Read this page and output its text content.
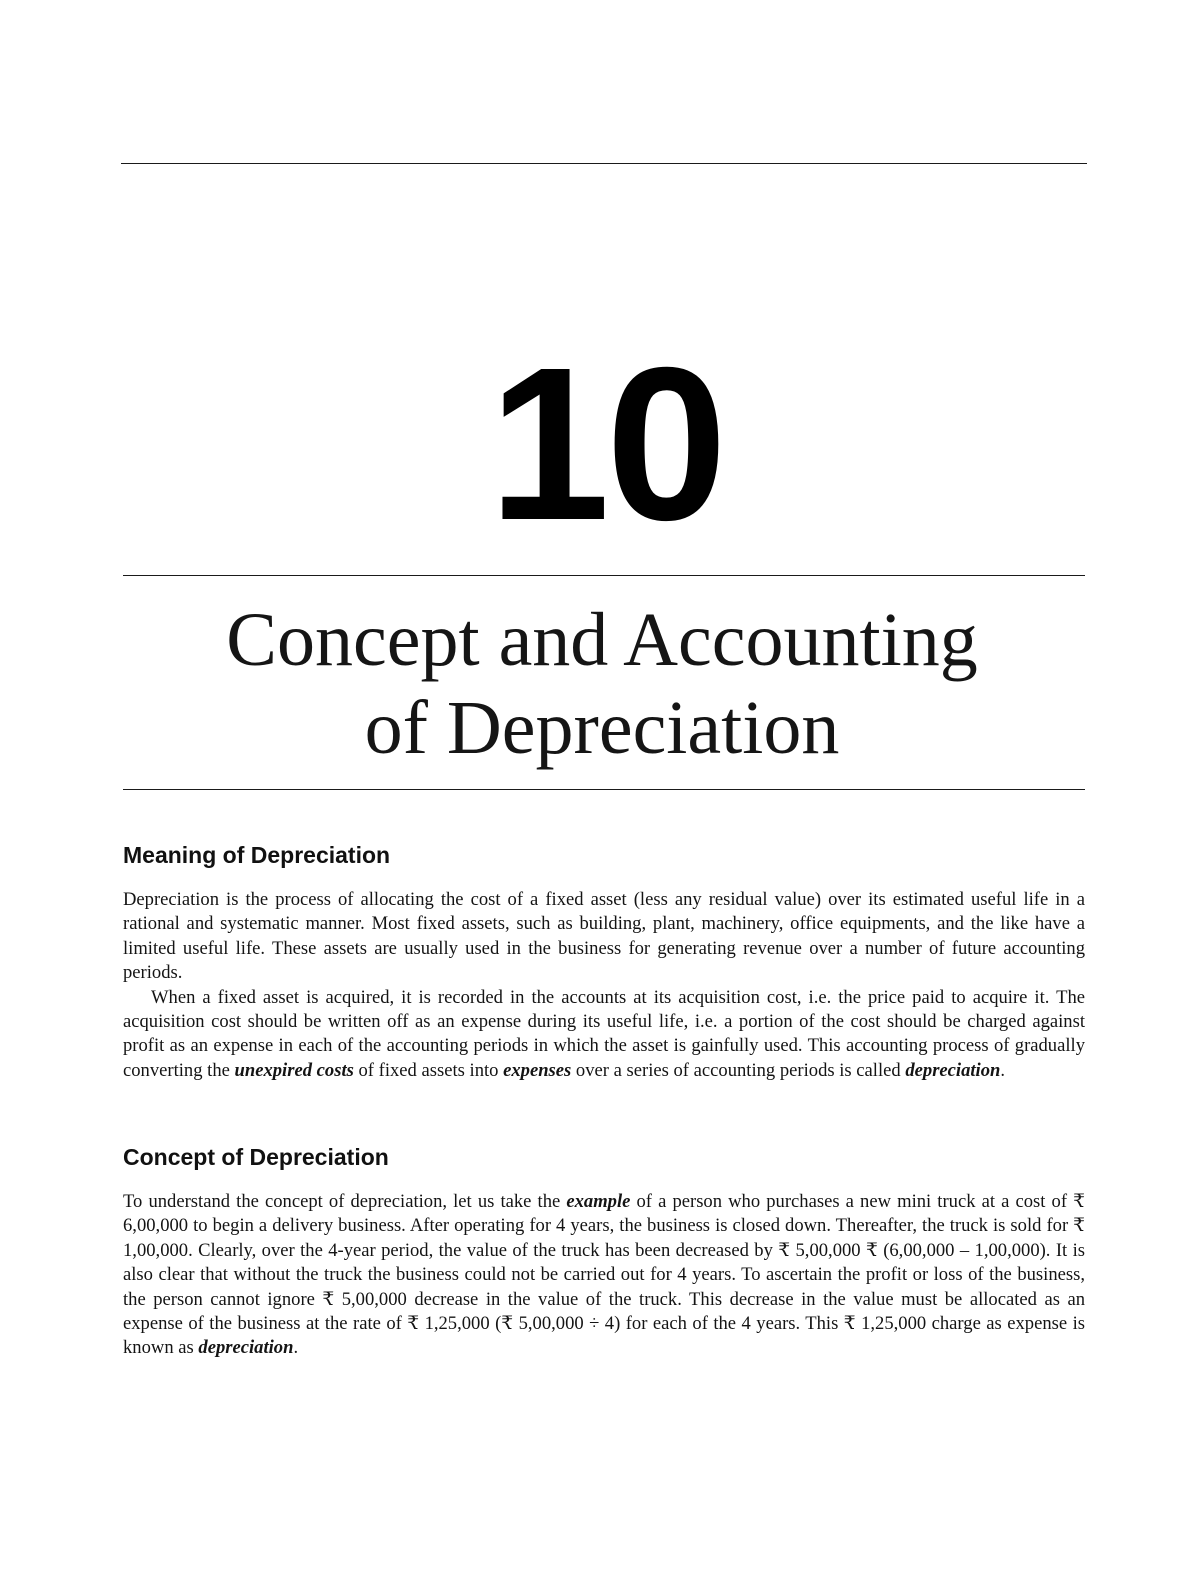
10
Concept and Accounting
of Depreciation
Meaning of Depreciation

Depreciation is the process of allocating the cost of a fixed asset (less any residual value) over its estimated useful life in a rational and systematic manner. Most fixed assets, such as building, plant, machinery, office equipments, and the like have a limited useful life. These assets are usually used in the business for generating revenue over a number of future accounting periods.

When a fixed asset is acquired, it is recorded in the accounts at its acquisition cost, i.e. the price paid to acquire it. The acquisition cost should be written off as an expense during its useful life, i.e. a portion of the cost should be charged against profit as an expense in each of the accounting periods in which the asset is gainfully used. This accounting process of gradually converting the unexpired costs of fixed assets into expenses over a series of accounting periods is called depreciation.

Concept of Depreciation

To understand the concept of depreciation, let us take the example of a person who purchases a new mini truck at a cost of ₹ 6,00,000 to begin a delivery business. After operating for 4 years, the business is closed down. Thereafter, the truck is sold for ₹ 1,00,000. Clearly, over the 4-year period, the value of the truck has been decreased by ₹ 5,00,000 ₹ (6,00,000 – 1,00,000). It is also clear that without the truck the business could not be carried out for 4 years. To ascertain the profit or loss of the business, the person cannot ignore ₹ 5,00,000 decrease in the value of the truck. This decrease in the value must be allocated as an expense of the business at the rate of ₹ 1,25,000 (₹ 5,00,000 ÷ 4) for each of the 4 years. This ₹ 1,25,000 charge as expense is known as depreciation.
